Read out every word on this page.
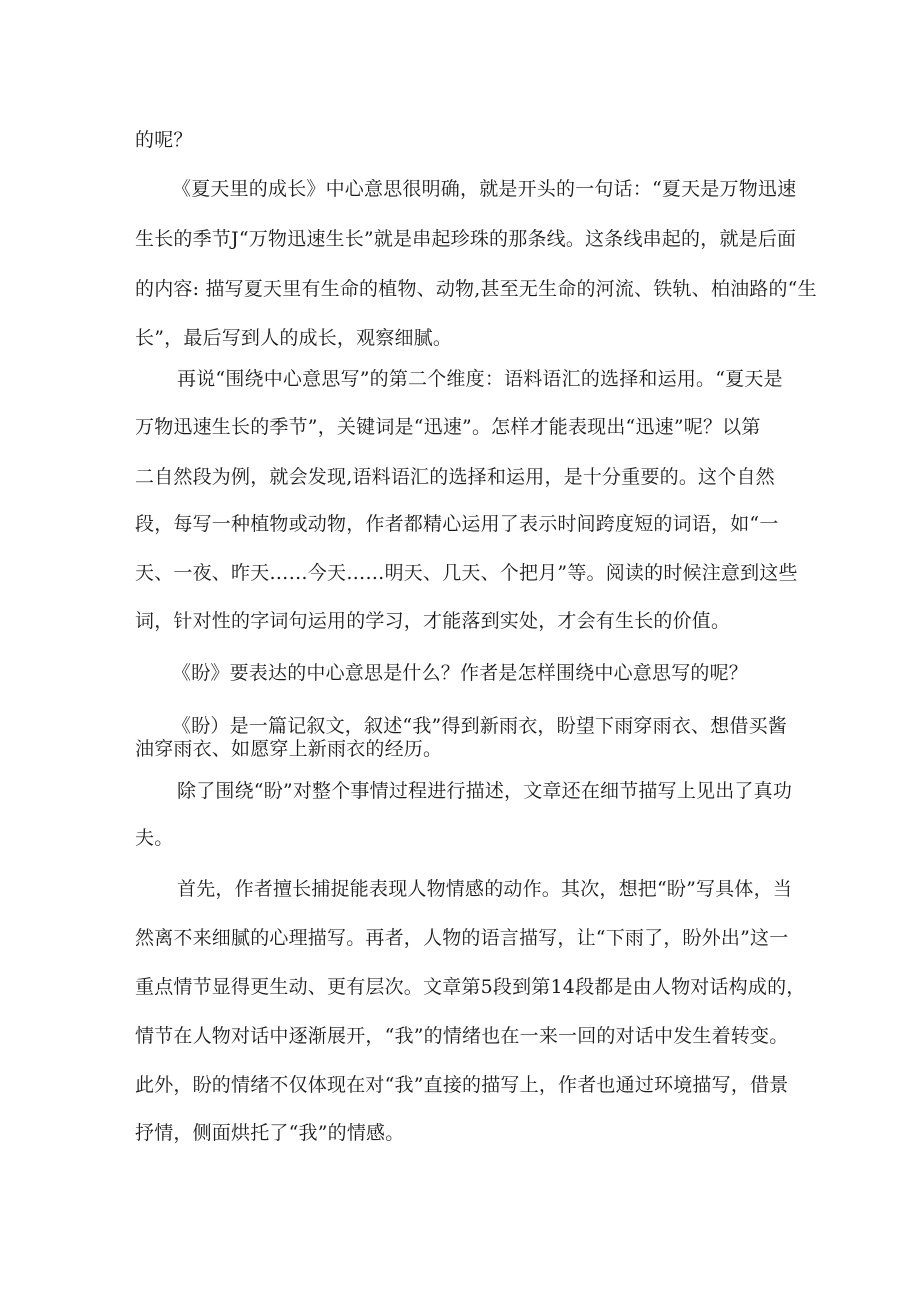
的呢？

《夏天里的成长》中心意思很明确，就是开头的一句话：“夏天是万物迅速

生长的季节J“万物迅速生长”就是串起珍珠的那条线。这条线串起的，就是后面

的内容: 描写夏天里有生命的植物、动物,甚至无生命的河流、铁轨、柏油路的“生

长”，最后写到人的成长，观察细腻。

再说“围绕中心意思写”的第二个维度：语料语汇的选择和运用。“夏天是

万物迅速生长的季节”，关键词是“迅速”。怎样才能表现出“迅速”呢？以第

二自然段为例，就会发现,语料语汇的选择和运用，是十分重要的。这个自然

段，每写一种植物或动物，作者都精心运用了表示时间跨度短的词语，如“一

天、一夜、昨天……今天……明天、几天、个把月”等。阅读的时候注意到这些

词，针对性的字词句运用的学习，才能落到实处，才会有生长的价值。

《盼》要表达的中心意思是什么？作者是怎样围绕中心意思写的呢？

《盼）是一篇记叙文，叙述“我”得到新雨衣，盼望下雨穿雨衣、想借买酱

油穿雨衣、如愿穿上新雨衣的经历。

除了围绕“盼”对整个事情过程进行描述，文章还在细节描写上见出了真功

夫。

首先，作者擅长捕捉能表现人物情感的动作。其次，想把“盼”写具体，当

然离不来细腻的心理描写。再者，人物的语言描写，让“下雨了，盼外出”这一

重点情节显得更生动、更有层次。文章第5段到第14段都是由人物对话构成的，

情节在人物对话中逐渐展开，“我”的情绪也在一来一回的对话中发生着转变。

此外，盼的情绪不仅体现在对“我”直接的描写上，作者也通过环境描写，借景

抒情，侧面烘托了“我”的情感。
